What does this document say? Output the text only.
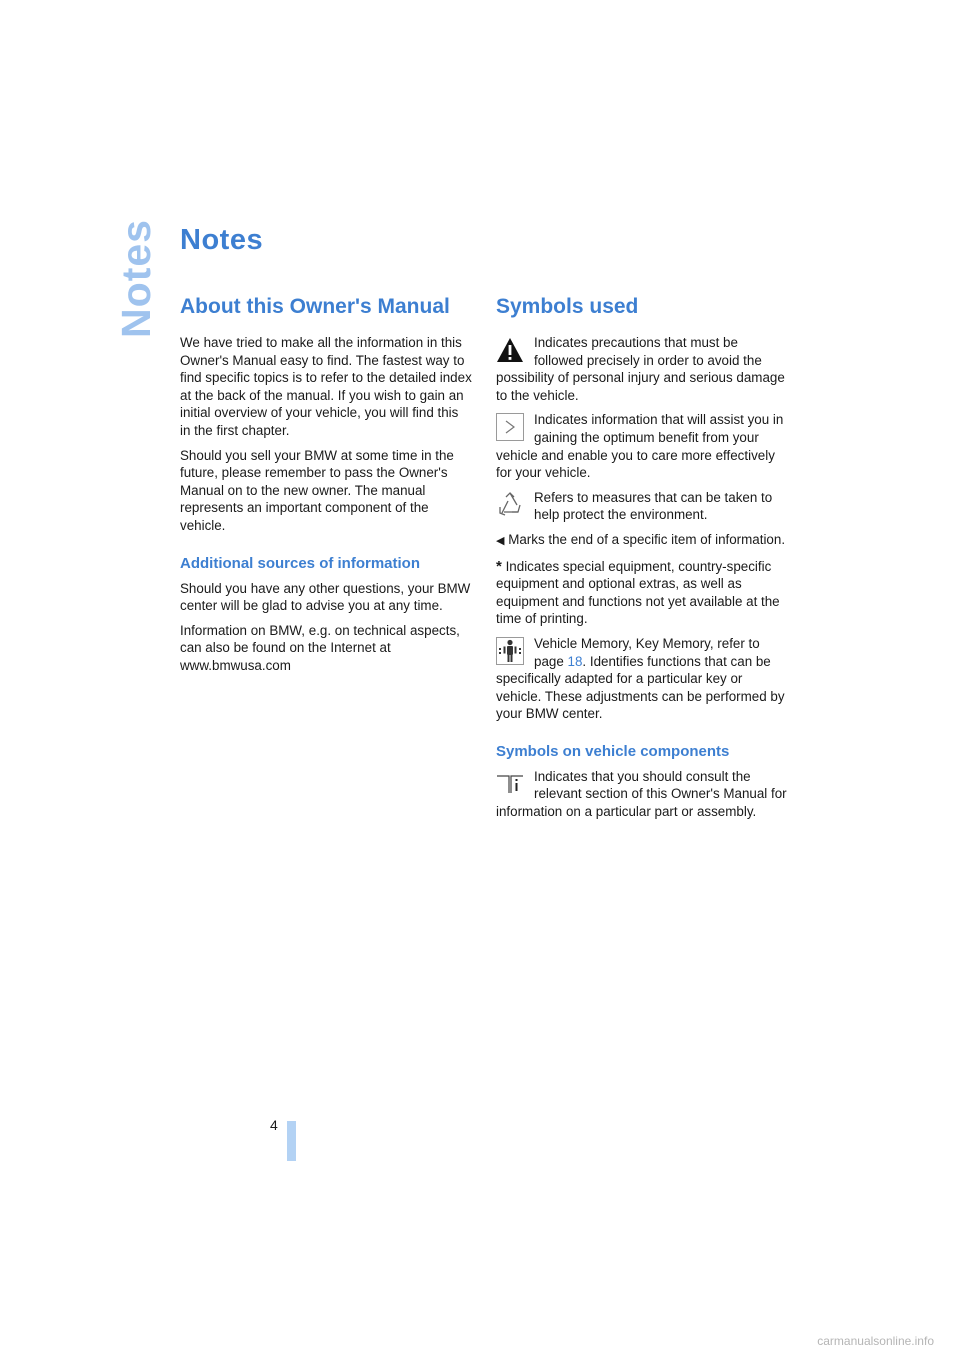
Notes
4
Notes
About this Owner's Manual

We have tried to make all the information in this Owner's Manual easy to find. The fastest way to find specific topics is to refer to the detailed index at the back of the manual. If you wish to gain an initial overview of your vehicle, you will find this in the first chapter.

Should you sell your BMW at some time in the future, please remember to pass the Owner's Manual on to the new owner. The manual represents an important component of the vehicle.

Additional sources of information

Should you have any other questions, your BMW center will be glad to advise you at any time.

Information on BMW, e.g. on technical aspects, can also be found on the Internet at www.bmwusa.com

Symbols used
Indicates precautions that must be followed precisely in order to avoid the possibility of personal injury and serious damage to the vehicle.
Indicates information that will assist you in gaining the optimum benefit from your vehicle and enable you to care more effectively for your vehicle.
Refers to measures that can be taken to help protect the environment.

◀ Marks the end of a specific item of information.

* Indicates special equipment, country-specific equipment and optional extras, as well as equipment and functions not yet available at the time of printing.

Vehicle Memory, Key Memory, refer to page 18. Identifies functions that can be specifically adapted for a particular key or vehicle. These adjustments can be performed by your BMW center.
Symbols on vehicle components
Indicates that you should consult the relevant section of this Owner's Manual for information on a particular part or assembly.
carmanualsonline.info
